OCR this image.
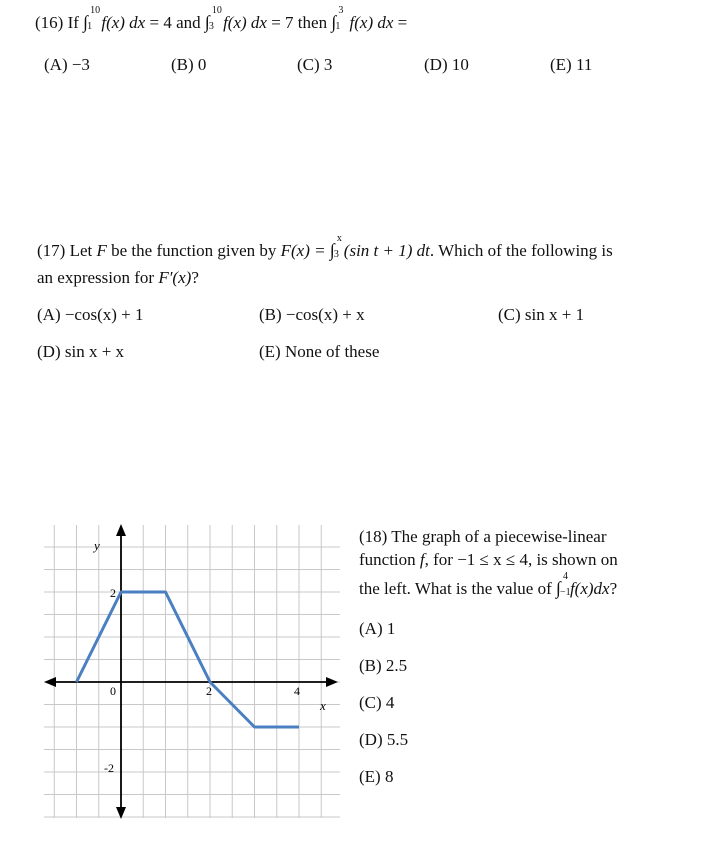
(16) If ∫
10
1 f(x) dx = 4 and ∫
10
3 f(x) dx = 7 then ∫
3
1 f(x) dx =
(A) −3	(B) 0	(C) 3	(D) 10	(E) 11
(17) Let F be the function given by F(x) = ∫
x
3 (sin t + 1) dt. Which of the following is
an expression for F′(x)?
(A) −cos(x) + 1	(B) −cos(x) + x	(C) sin x + 1
(D) sin x + x	(E) None of these
y
x
0	2	4
2
-2
(18) The graph of a piecewise-linear
function f, for −1 ≤ x ≤ 4, is shown on
the left. What is the value of ∫
4
−1 f(x)dx?
(A) 1
(B) 2.5
(C) 4
(D) 5.5
(E) 8
